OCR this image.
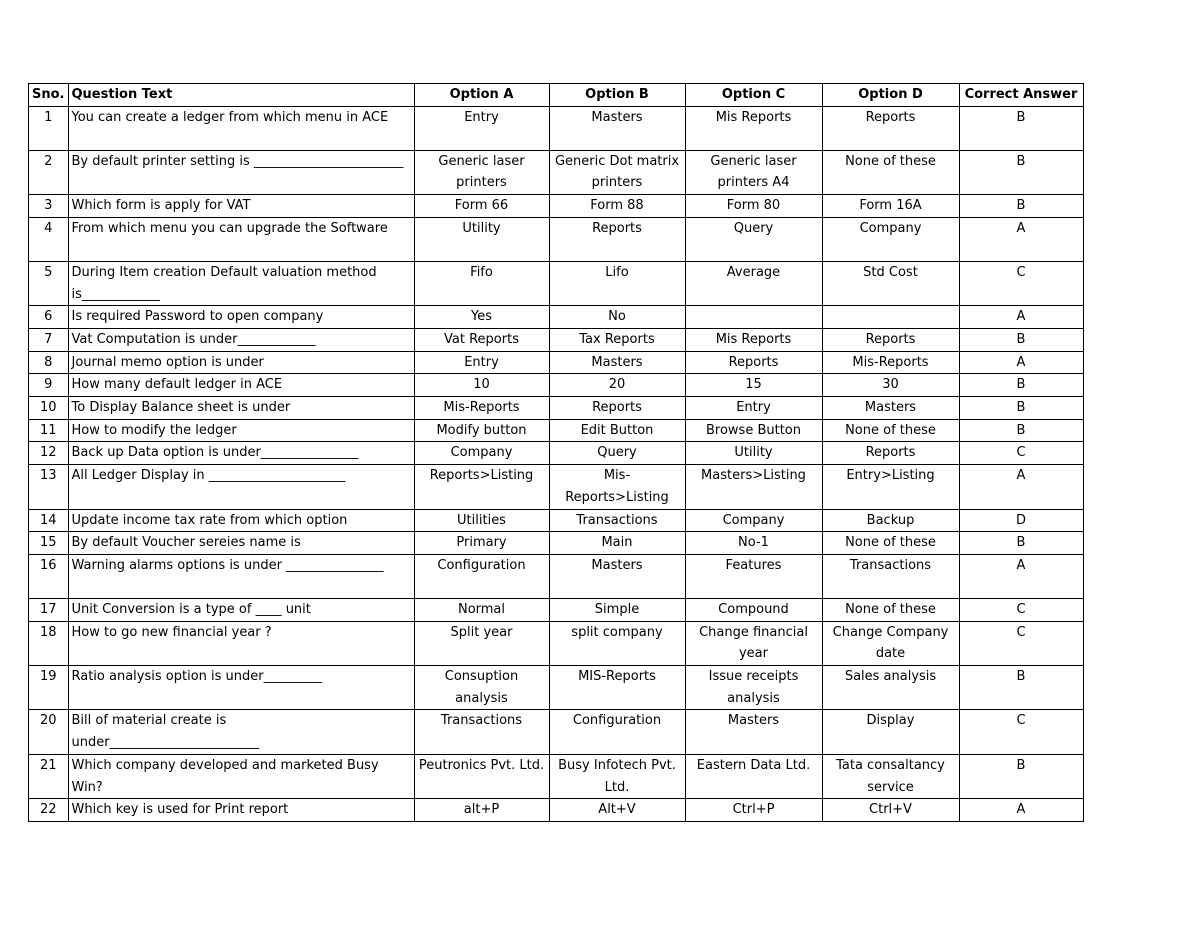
Sno.	Question Text	Option A	Option B	Option C	Option D	Correct Answer
1	You can create a ledger from which menu in ACE	Entry	Masters	Mis Reports	Reports	B
2	By default printer setting is _______________________	Generic laser printers	Generic Dot matrix printers	Generic laser printers A4	None of these	B
3	Which form is apply for VAT	Form 66	Form 88	Form 80	Form 16A	B
4	From which menu you can upgrade the Software	Utility	Reports	Query	Company	A
5	During Item creation Default valuation method is____________	Fifo	Lifo	Average	Std Cost	C
6	Is required Password to open company	Yes	No			A
7	Vat Computation is under____________	Vat Reports	Tax Reports	Mis Reports	Reports	B
8	Journal memo option is under	Entry	Masters	Reports	Mis-Reports	A
9	How many default ledger in ACE	10	20	15	30	B
10	To Display Balance sheet is under	Mis-Reports	Reports	Entry	Masters	B
11	How to modify the ledger	Modify button	Edit Button	Browse Button	None of these	B
12	Back up Data option is under_______________	Company	Query	Utility	Reports	C
13	All Ledger Display in _____________________	Reports>Listing	Mis-Reports>Listing	Masters>Listing	Entry>Listing	A
14	Update income tax rate from which option	Utilities	Transactions	Company	Backup	D
15	By default Voucher sereies name is	Primary	Main	No-1	None of these	B
16	Warning alarms options is under _______________	Configuration	Masters	Features	Transactions	A
17	Unit Conversion is a type of ____ unit	Normal	Simple	Compound	None of these	C
18	How to go new financial year ?	Split year	split company	Change financial year	Change Company date	C
19	Ratio analysis option is under_________	Consuption analysis	MIS-Reports	Issue receipts analysis	Sales analysis	B
20	Bill of material create is under_______________________	Transactions	Configuration	Masters	Display	C
21	Which company developed and marketed Busy Win?	Peutronics Pvt. Ltd.	Busy Infotech Pvt. Ltd.	Eastern Data Ltd.	Tata consaltancy service	B
22	Which key is used for Print report	alt+P	Alt+V	Ctrl+P	Ctrl+V	A
